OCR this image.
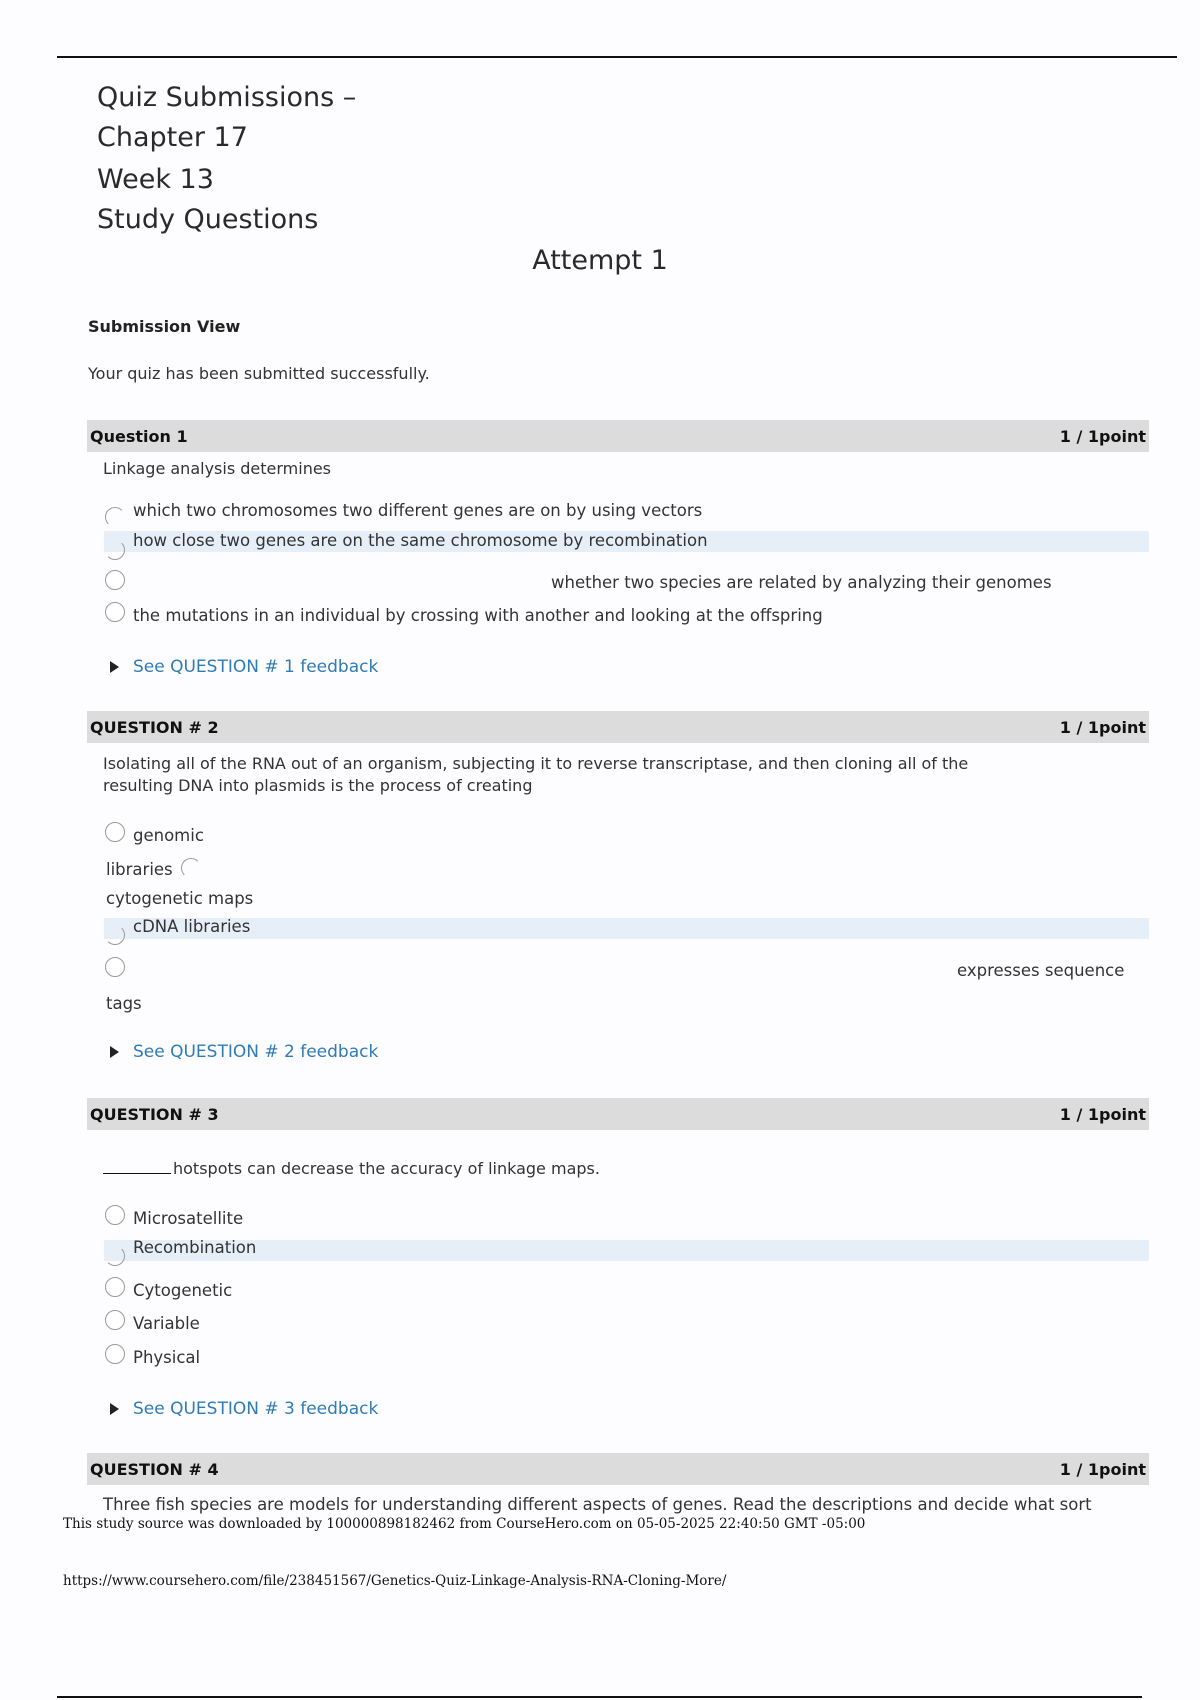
Quiz Submissions –
Chapter 17
Week 13
Study Questions
Attempt 1
Submission View
Your quiz has been submitted successfully.
Question 1	1 / 1point
Linkage analysis determines
which two chromosomes two different genes are on by using vectors
how close two genes are on the same chromosome by recombination
whether two species are related by analyzing their genomes
the mutations in an individual by crossing with another and looking at the offspring
See QUESTION # 1 feedback
QUESTION # 2	1 / 1point
Isolating all of the RNA out of an organism, subjecting it to reverse transcriptase, and then cloning all of the
resulting DNA into plasmids is the process of creating
genomic
libraries
cytogenetic maps
cDNA libraries
expresses sequence
tags
See QUESTION # 2 feedback
QUESTION # 3	1 / 1point
hotspots can decrease the accuracy of linkage maps.
Microsatellite
Recombination
Cytogenetic
Variable
Physical
See QUESTION # 3 feedback
QUESTION # 4	1 / 1point
Three fish species are models for understanding different aspects of genes. Read the descriptions and decide what sort
This study source was downloaded by 100000898182462 from CourseHero.com on 05-05-2025 22:40:50 GMT -05:00
https://www.coursehero.com/file/238451567/Genetics-Quiz-Linkage-Analysis-RNA-Cloning-More/
